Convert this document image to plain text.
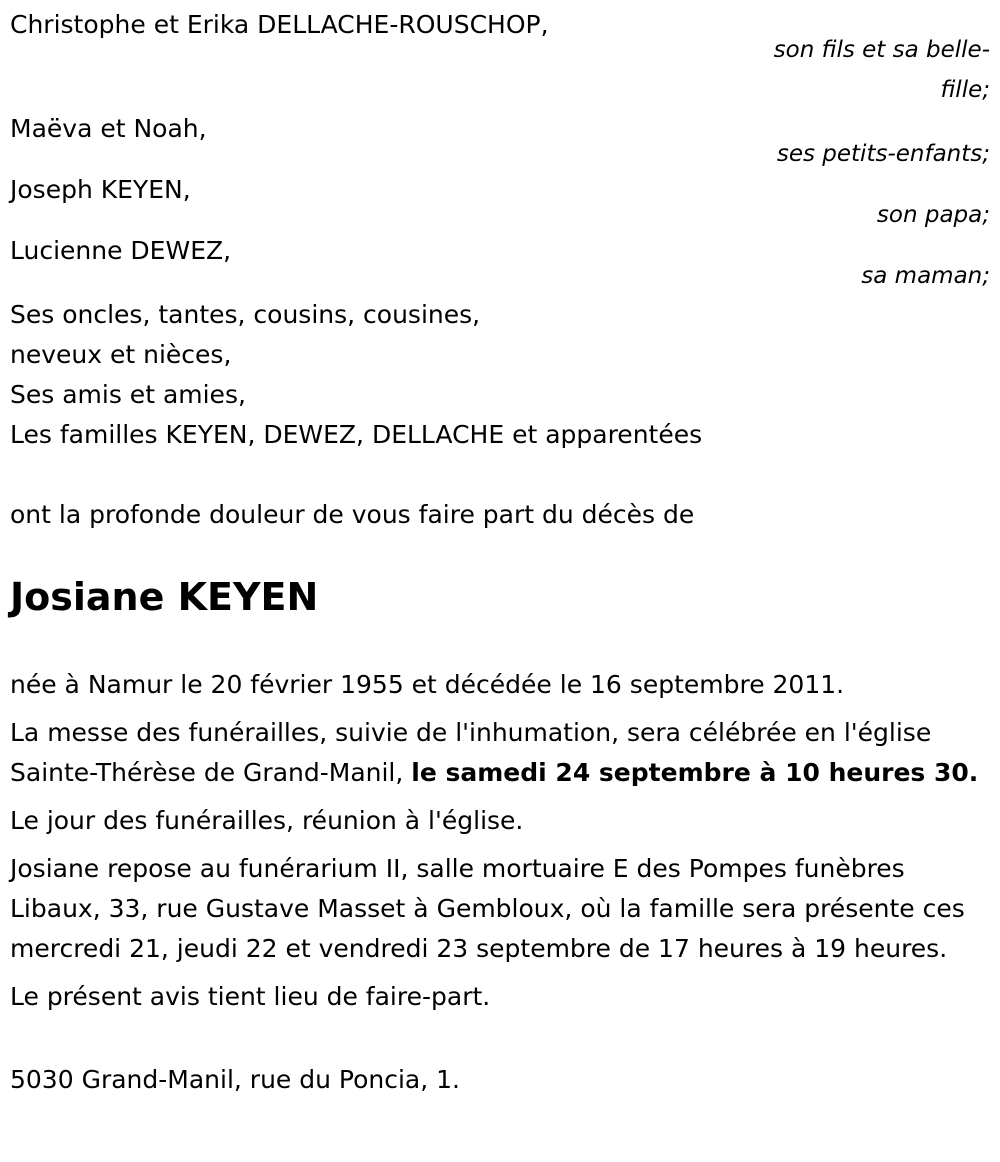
Christophe et Erika DELLACHE-ROUSCHOP,
son fils et sa belle-fille;
Maëva et Noah,
ses petits-enfants;
Joseph KEYEN,
son papa;
Lucienne DEWEZ,
sa maman;
Ses oncles, tantes, cousins, cousines,
neveux et nièces,
Ses amis et amies,
Les familles KEYEN, DEWEZ, DELLACHE et apparentées
ont la profonde douleur de vous faire part du décès de
Josiane KEYEN

née à Namur le 20 février 1955 et décédée le 16 septembre 2011.

La messe des funérailles, suivie de l'inhumation, sera célébrée en l'église Sainte-Thérèse de Grand-Manil, le samedi 24 septembre à 10 heures 30.

Le jour des funérailles, réunion à l'église.

Josiane repose au funérarium II, salle mortuaire E des Pompes funèbres Libaux, 33, rue Gustave Masset à Gembloux, où la famille sera présente ces mercredi 21, jeudi 22 et vendredi 23 septembre de 17 heures à 19 heures.

Le présent avis tient lieu de faire-part.

5030 Grand-Manil, rue du Poncia, 1.
